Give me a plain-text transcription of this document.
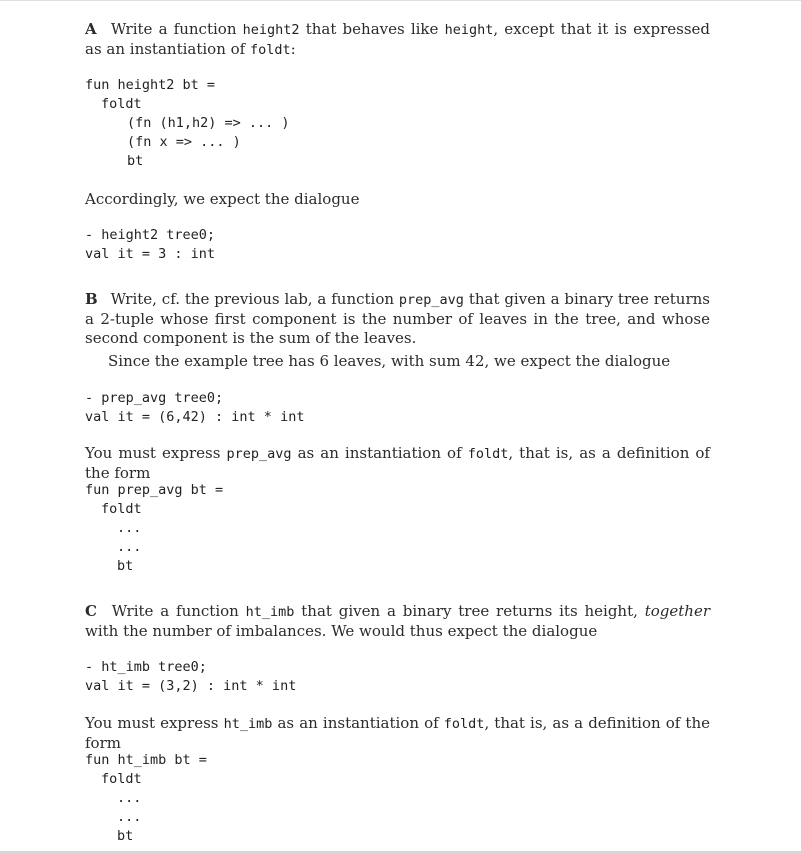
A Write a function height2 that behaves like height, except that it is expressed as an instantiation of foldt:

fun height2 bt =
foldt
(fn (h1,h2) => ... )
(fn x => ... )
bt

Accordingly, we expect the dialogue

- height2 tree0;
val it = 3 : int

B Write, cf. the previous lab, a function prep_avg that given a binary tree returns a 2-tuple whose first component is the number of leaves in the tree, and whose second component is the sum of the leaves.

Since the example tree has 6 leaves, with sum 42, we expect the dialogue

- prep_avg tree0;
val it = (6,42) : int * int

You must express prep_avg as an instantiation of foldt, that is, as a definition of the form

fun prep_avg bt =
foldt
...
...
bt

C Write a function ht_imb that given a binary tree returns its height, together with the number of imbalances. We would thus expect the dialogue

- ht_imb tree0;
val it = (3,2) : int * int

You must express ht_imb as an instantiation of foldt, that is, as a definition of the form

fun ht_imb bt =
foldt
...
...
bt
